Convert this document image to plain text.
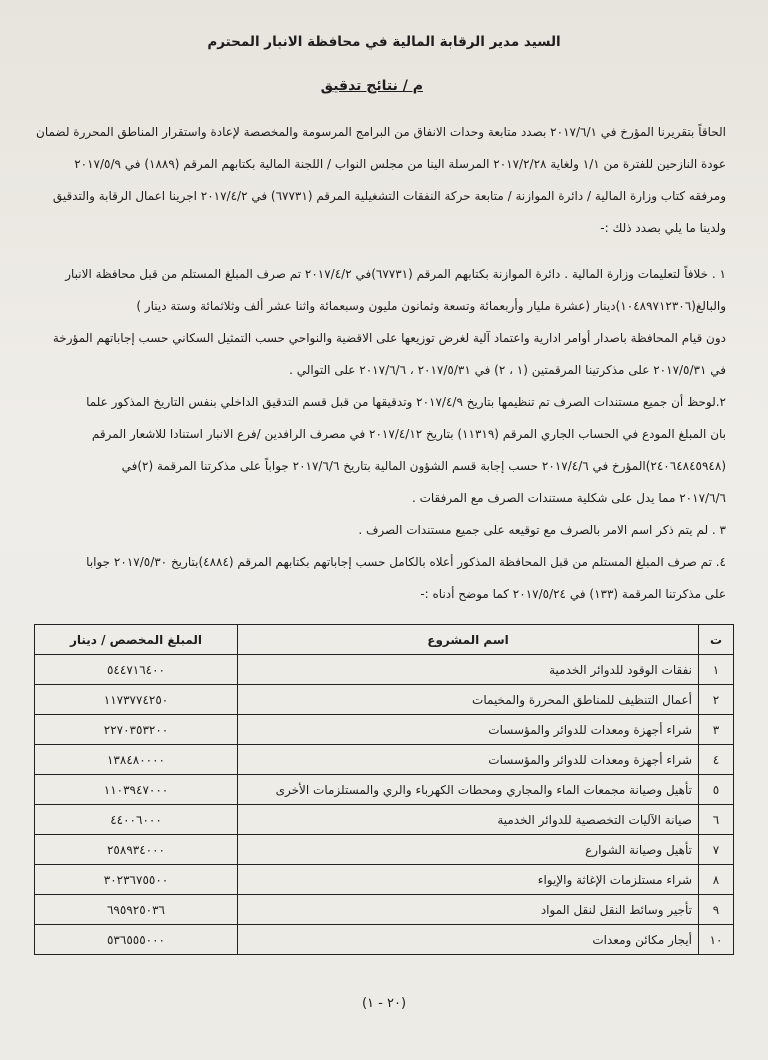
السيد مدير الرقابة المالية في محافظة الانبار المحترم
م / نتائج تدقيق

الحاقاً بتقريرنا المؤرخ في ٢٠١٧/٦/١ بصدد متابعة وحدات الانفاق من البرامج المرسومة والمخصصة لإعادة واستقرار المناطق المحررة لضمان

عودة النازحين للفترة من ١/١ ولغاية ٢٠١٧/٢/٢٨ المرسلة الينا من مجلس النواب / اللجنة المالية بكتابهم المرقم (١٨٨٩) في ٢٠١٧/٥/٩

ومرفقه كتاب وزارة المالية / دائرة الموازنة / متابعة حركة النفقات التشغيلية المرقم (٦٧٧٣١) في ٢٠١٧/٤/٢ اجرينا اعمال الرقابة والتدقيق

ولدينا ما يلي بصدد ذلك :-

١ . خلافاً لتعليمات وزارة المالية . دائرة الموازنة بكتابهم المرقم (٦٧٧٣١)في ٢٠١٧/٤/٢ تم صرف المبلغ المستلم من قبل محافظة الانبار

والبالغ(١٠٤٨٩٧١٢٣٠٦)دينار (عشرة مليار وأربعمائة وتسعة وثمانون مليون وسبعمائة واثنا عشر ألف وثلاثمائة وستة دينار )

دون قيام المحافظة باصدار أوامر ادارية واعتماد آلية لغرض توزيعها على الاقضية والنواحي حسب التمثيل السكاني حسب إجاباتهم المؤرخة

في ٢٠١٧/٥/٣١ على مذكرتينا المرقمتين (١ ، ٢) في ٢٠١٧/٥/٣١ ، ٢٠١٧/٦/٦ على التوالي .

٢.لوحظ أن جميع مستندات الصرف تم تنظيمها بتاريخ ٢٠١٧/٤/٩ وتدقيقها من قبل قسم التدقيق الداخلي بنفس التاريخ المذكور علما

بان المبلغ المودع في الحساب الجاري المرقم (١١٣١٩) بتاريخ ٢٠١٧/٤/١٢ في مصرف الرافدين /فرع الانبار استنادا للاشعار المرقم

(٢٤٠٦٤٨٤٥٩٤٨)المؤرخ في ٢٠١٧/٤/٦ حسب إجابة قسم الشؤون المالية بتاريخ ٢٠١٧/٦/٦ جواباً على مذكرتنا المرقمة (٢)في

٢٠١٧/٦/٦ مما يدل على شكلية مستندات الصرف مع المرفقات .

٣ . لم يتم ذكر اسم الامر بالصرف مع توقيعه على جميع مستندات الصرف .

٤. تم صرف المبلغ المستلم من قبل المحافظة المذكور أعلاه بالكامل حسب إجاباتهم بكتابهم المرقم (٤٨٨٤)بتاريخ ٢٠١٧/٥/٣٠ جوابا

على مذكرتنا المرقمة (١٣٣) في ٢٠١٧/٥/٢٤ كما موضح أدناه :-

ت	اسم المشروع	المبلغ المخصص / دينار
١	نفقات الوقود للدوائر الخدمية	٥٤٤٧١٦٤٠٠
٢	أعمال التنظيف للمناطق المحررة والمخيمات	١١٧٣٧٧٤٢٥٠
٣	شراء أجهزة ومعدات للدوائر والمؤسسات	٢٢٧٠٣٥٣٢٠٠
٤	شراء أجهزة ومعدات للدوائر والمؤسسات	١٣٨٤٨٠٠٠٠
٥	تأهيل وصيانة مجمعات الماء والمجاري ومحطات الكهرباء والري والمستلزمات الأخرى	١١٠٣٩٤٧٠٠٠
٦	صيانة الآليات التخصصية للدوائر الخدمية	٤٤٠٠٦٠٠٠
٧	تأهيل وصيانة الشوارع	٢٥٨٩٣٤٠٠٠
٨	شراء مستلزمات الإغاثة والإيواء	٣٠٢٣٦٧٥٥٠٠
٩	تأجير وسائط النقل لنقل المواد	٦٩٥٩٢٥٠٣٦
١٠	أيجار مكائن ومعدات	٥٣٦٥٥٥٠٠٠
(٢٠ - ١)
